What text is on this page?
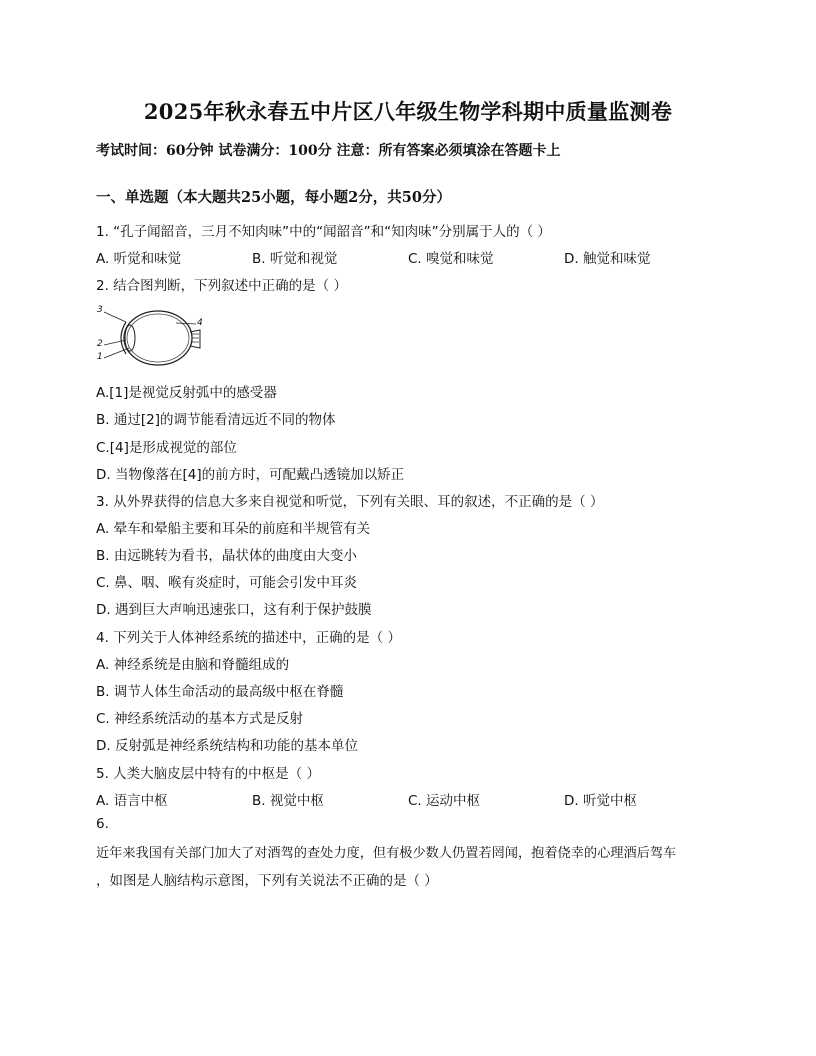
2025年秋永春五中片区八年级生物学科期中质量监测卷
考试时间：60分钟 试卷满分：100分 注意：所有答案必须填涂在答题卡上
一、单选题（本大题共25小题，每小题2分，共50分）
1. “孔子闻韶音，三月不知肉味”中的“闻韶音”和“知肉味”分别属于人的（ ）
A. 听觉和味觉	B. 听觉和视觉	C. 嗅觉和味觉	D. 触觉和味觉
2. 结合图判断，下列叙述中正确的是（ ）
3
4
2
1
A.[1]是视觉反射弧中的感受器
B. 通过[2]的调节能看清远近不同的物体
C.[4]是形成视觉的部位
D. 当物像落在[4]的前方时，可配戴凸透镜加以矫正
3. 从外界获得的信息大多来自视觉和听觉，下列有关眼、耳的叙述，不正确的是（ ）
A. 晕车和晕船主要和耳朵的前庭和半规管有关
B. 由远眺转为看书，晶状体的曲度由大变小
C. 鼻、咽、喉有炎症时，可能会引发中耳炎
D. 遇到巨大声响迅速张口，这有利于保护鼓膜
4. 下列关于人体神经系统的描述中，正确的是（ ）
A. 神经系统是由脑和脊髓组成的
B. 调节人体生命活动的最高级中枢在脊髓
C. 神经系统活动的基本方式是反射
D. 反射弧是神经系统结构和功能的基本单位
5. 人类大脑皮层中特有的中枢是（ ）
A. 语言中枢	B. 视觉中枢	C. 运动中枢	D. 听觉中枢
6.
近年来我国有关部门加大了对酒驾的查处力度，但有极少数人仍置若罔闻，抱着侥幸的心理酒后驾车
，如图是人脑结构示意图，下列有关说法不正确的是（ ）
